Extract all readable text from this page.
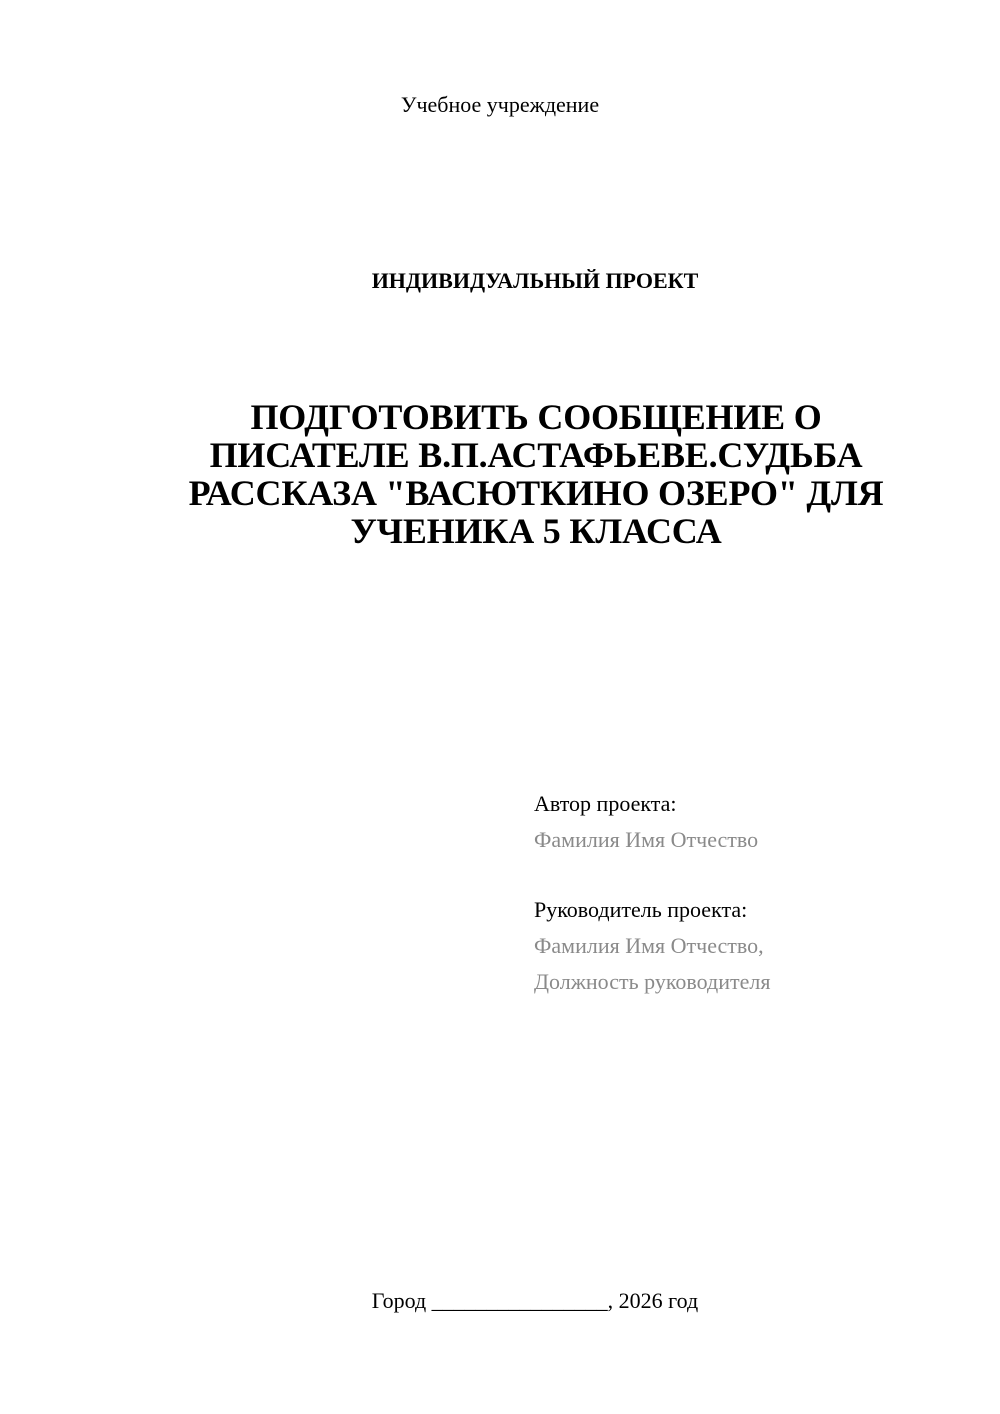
Учебное учреждение
ИНДИВИДУАЛЬНЫЙ ПРОЕКТ
ПОДГОТОВИТЬ СООБЩЕНИЕ О
ПИСАТЕЛЕ В.П.АСТАФЬЕВЕ.СУДЬБА
РАССКАЗА "ВАСЮТКИНО ОЗЕРО" ДЛЯ
УЧЕНИКА 5 КЛАССА
Автор проекта:
Фамилия Имя Отчество
Руководитель проекта:
Фамилия Имя Отчество,
Должность руководителя
Город ________________, 2026 год
